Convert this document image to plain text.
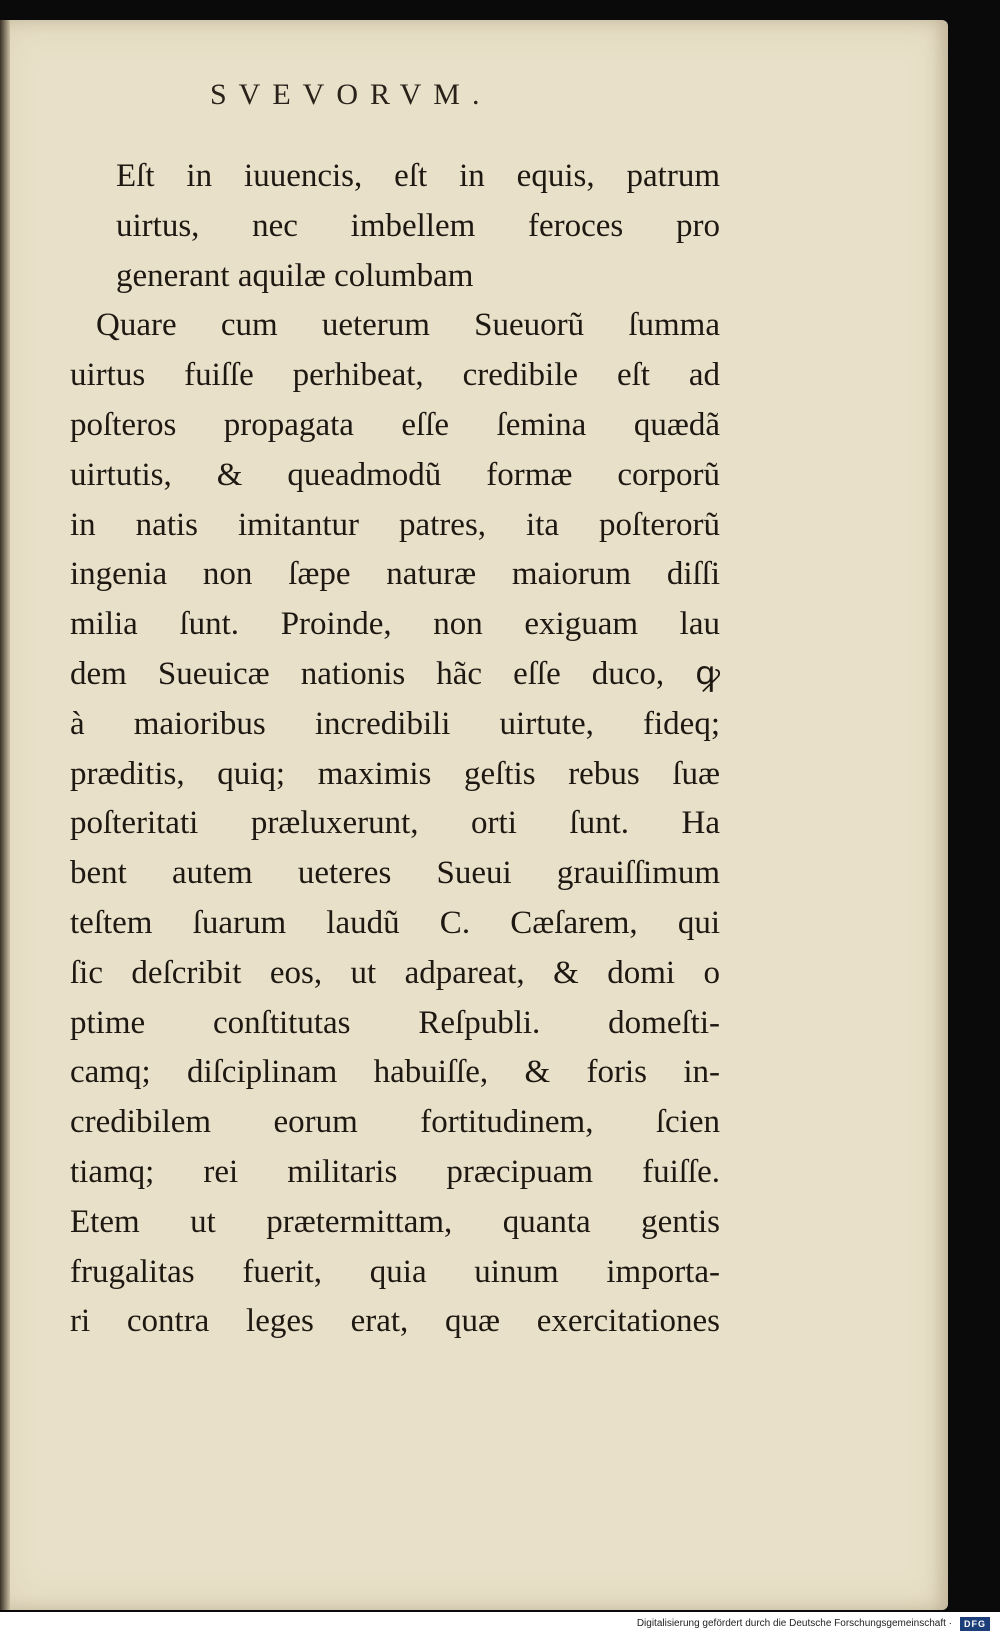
SVEVORVM.
Eſt in iuuencis, eſt in equis, patrum
uirtus, nec imbellem feroces pro
generant aquilæ columbam
Quare cum ueterum Sueuorũ ſumma
uirtus fuiſſe perhibeat, credibile eſt ad
poſteros propagata eſſe ſemina quædã
uirtutis, & queadmodũ formæ corporũ
in natis imitantur patres, ita poſterorũ
ingenia non ſæpe naturæ maiorum diſſi
milia ſunt. Proinde, non exiguam lau
dem Sueuicæ nationis hãc eſſe duco, ꝙ
à maioribus incredibili uirtute, fideq;
præditis, quiq; maximis geſtis rebus ſuæ
poſteritati præluxerunt, orti ſunt. Ha
bent autem ueteres Sueui grauiſſimum
teſtem ſuarum laudũ C. Cæſarem, qui
ſic deſcribit eos, ut adpareat, & domi o
ptime conſtitutas Reſpubli. domeſti-
camq; diſciplinam habuiſſe, & foris in-
credibilem eorum fortitudinem, ſcien
tiamq; rei militaris præcipuam fuiſſe.
Etem ut prætermittam, quanta gentis
frugalitas fuerit, quia uinum importa-
ri contra leges erat, quæ exercitationes
Digitalisierung gefördert durch die Deutsche Forschungsgemeinschaft ·	DFG
